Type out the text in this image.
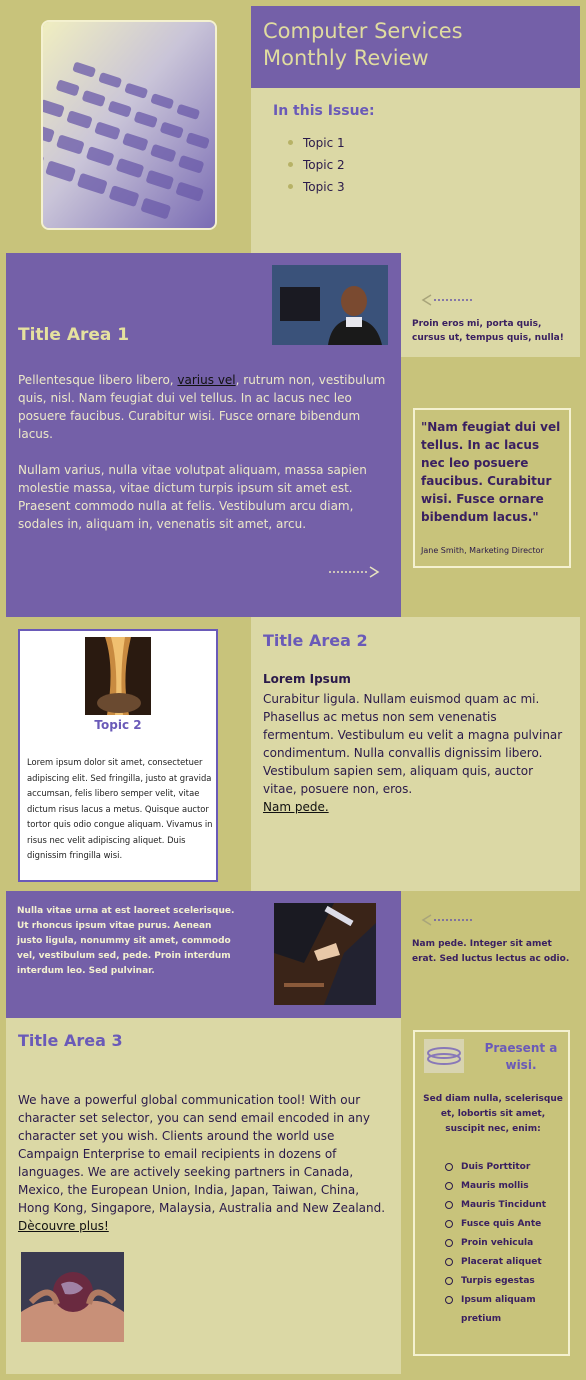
Computer Services
Monthly Review
In this Issue:
Topic 1
Topic 2
Topic 3
Title Area 1

Pellentesque libero libero, varius vel, rutrum non, vestibulum quis, nisl. Nam feugiat dui vel tellus. In ac lacus nec leo posuere faucibus. Curabitur wisi. Fusce ornare bibendum lacus.

Nullam varius, nulla vitae volutpat aliquam, massa sapien molestie massa, vitae dictum turpis ipsum sit amet est. Praesent commodo nulla at felis. Vestibulum arcu diam, sodales in, aliquam in, venenatis sit amet, arcu.

Proin eros mi, porta quis, cursus ut, tempus quis, nulla!
"Nam feugiat dui vel tellus. In ac lacus nec leo posuere faucibus. Curabitur wisi. Fusce ornare bibendum lacus."
Jane Smith, Marketing Director
Topic 2
Lorem ipsum dolor sit amet, consectetuer adipiscing elit. Sed fringilla, justo at gravida accumsan, felis libero semper velit, vitae dictum risus lacus a metus. Quisque auctor tortor quis odio congue aliquam. Vivamus in risus nec velit adipiscing aliquet. Duis dignissim fringilla wisi.
Title Area 2
Lorem Ipsum
Curabitur ligula. Nullam euismod quam ac mi. Phasellus ac metus non sem venenatis fermentum. Vestibulum eu velit a magna pulvinar condimentum. Nulla convallis dignissim libero. Vestibulum sapien sem, aliquam quis, auctor vitae, posuere non, eros.
Nam pede.
Nulla vitae urna at est laoreet scelerisque. Ut rhoncus ipsum vitae purus. Aenean justo ligula, nonummy sit amet, commodo vel, vestibulum sed, pede. Proin interdum interdum leo. Sed pulvinar.
Nam pede. Integer sit amet erat. Sed luctus lectus ac odio.
Title Area 3
We have a powerful global communication tool! With our character set selector, you can send email encoded in any character set you wish. Clients around the world use Campaign Enterprise to email recipients in dozens of languages. We are actively seeking partners in Canada, Mexico, the European Union, India, Japan, Taiwan, China, Hong Kong, Singapore, Malaysia, Australia and New Zealand.
Dècouvre plus!
Praesent a wisi.
Sed diam nulla, scelerisque et, lobortis sit amet, suscipit nec, enim:
Duis Porttitor
Mauris mollis
Mauris Tincidunt
Fusce quis Ante
Proin vehicula
Placerat aliquet
Turpis egestas
Ipsum aliquam pretium
